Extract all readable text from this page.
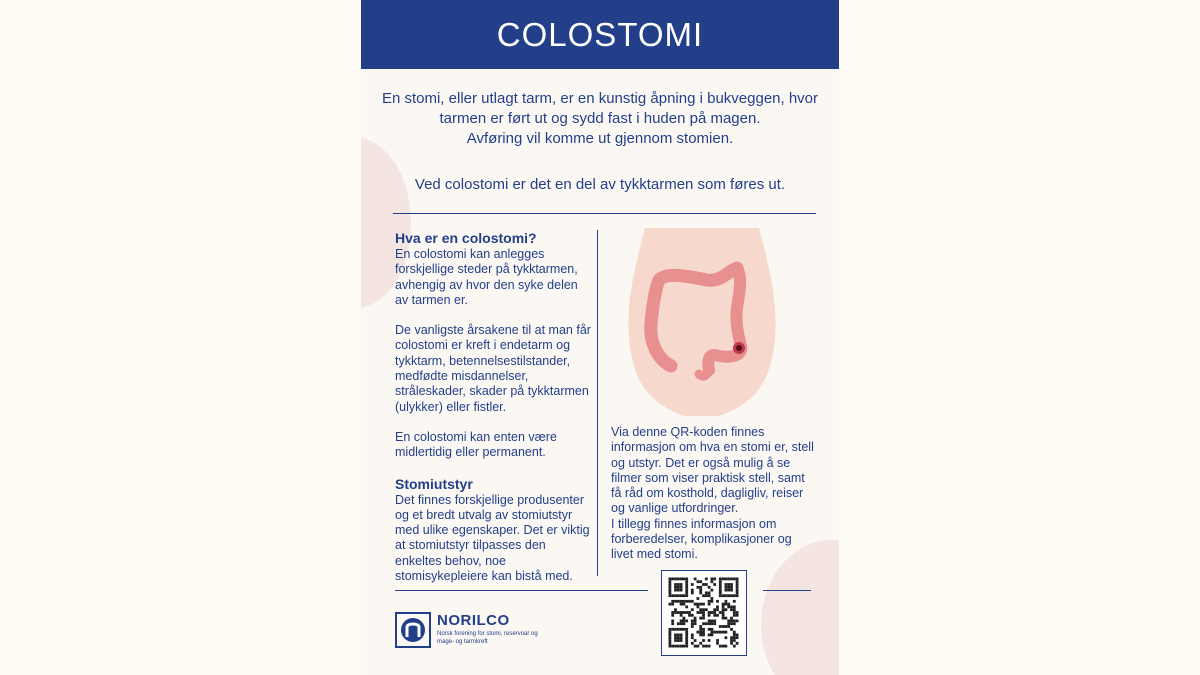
COLOSTOMI

En stomi, eller utlagt tarm, er en kunstig åpning i bukveggen, hvor

tarmen er ført ut og sydd fast i huden på magen.

Avføring vil komme ut gjennom stomien.

Ved colostomi er det en del av tykktarmen som føres ut.

Hva er en colostomi?

En colostomi kan anlegges forskjellige steder på tykktarmen, avhengig av hvor den syke delen av tarmen er.

De vanligste årsakene til at man får colostomi er kreft i endetarm og tykktarm, betennelsestilstander, medfødte misdannelser, stråleskader, skader på tykktarmen (ulykker) eller fistler.

En colostomi kan enten være midlertidig eller permanent.

Stomiutstyr

Det finnes forskjellige produsenter og et bredt utvalg av stomiutstyr med ulike egenskaper. Det er viktig at stomiutstyr tilpasses den enkeltes behov, noe stomisykepleiere kan bistå med.

Via denne QR-koden finnes informasjon om hva en stomi er, stell og utstyr. Det er også mulig å se filmer som viser praktisk stell, samt få råd om kosthold, dagligliv, reiser og vanlige utfordringer.

I tillegg finnes informasjon om forberedelser, komplikasjoner og livet med stomi.

NORILCO
Norsk forening for stomi, reservoar og mage- og tarmkreft
